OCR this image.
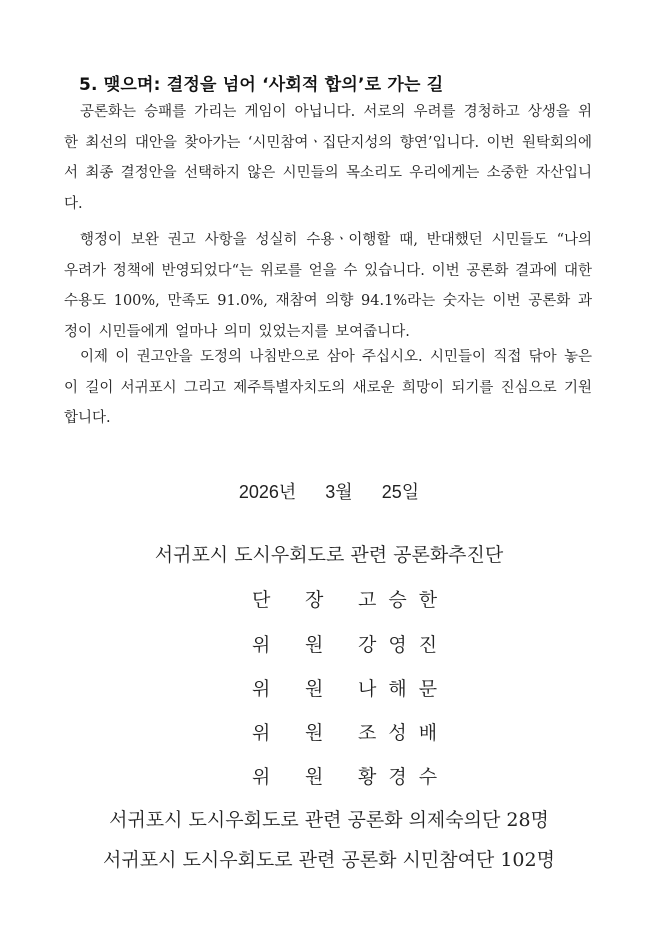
5. 맺으며: 결정을 넘어 ‘사회적 합의’로 가는 길
공론화는 승패를 가리는 게임이 아닙니다. 서로의 우려를 경청하고 상생을 위한 최선의 대안을 찾아가는 ‘시민참여ㆍ집단지성의 향연’입니다. 이번 원탁회의에서 최종 결정안을 선택하지 않은 시민들의 목소리도 우리에게는 소중한 자산입니다.
행정이 보완 권고 사항을 성실히 수용ㆍ이행할 때, 반대했던 시민들도 “나의 우려가 정책에 반영되었다“는 위로를 얻을 수 있습니다. 이번 공론화 결과에 대한 수용도 100%, 만족도 91.0%, 재참여 의향 94.1%라는 숫자는 이번 공론화 과정이 시민들에게 얼마나 의미 있었는지를 보여줍니다.
이제 이 권고안을 도정의 나침반으로 삼아 주십시오. 시민들이 직접 닦아 놓은 이 길이 서귀포시 그리고 제주특별자치도의 새로운 희망이 되기를 진심으로 기원합니다.
2026년 3월 25일
서귀포시 도시우회도로 관련 공론화추진단
단 장 고승한
위 원 강영진
위 원 나해문
위 원 조성배
위 원 황경수
서귀포시 도시우회도로 관련 공론화 의제숙의단 28명
서귀포시 도시우회도로 관련 공론화 시민참여단 102명
